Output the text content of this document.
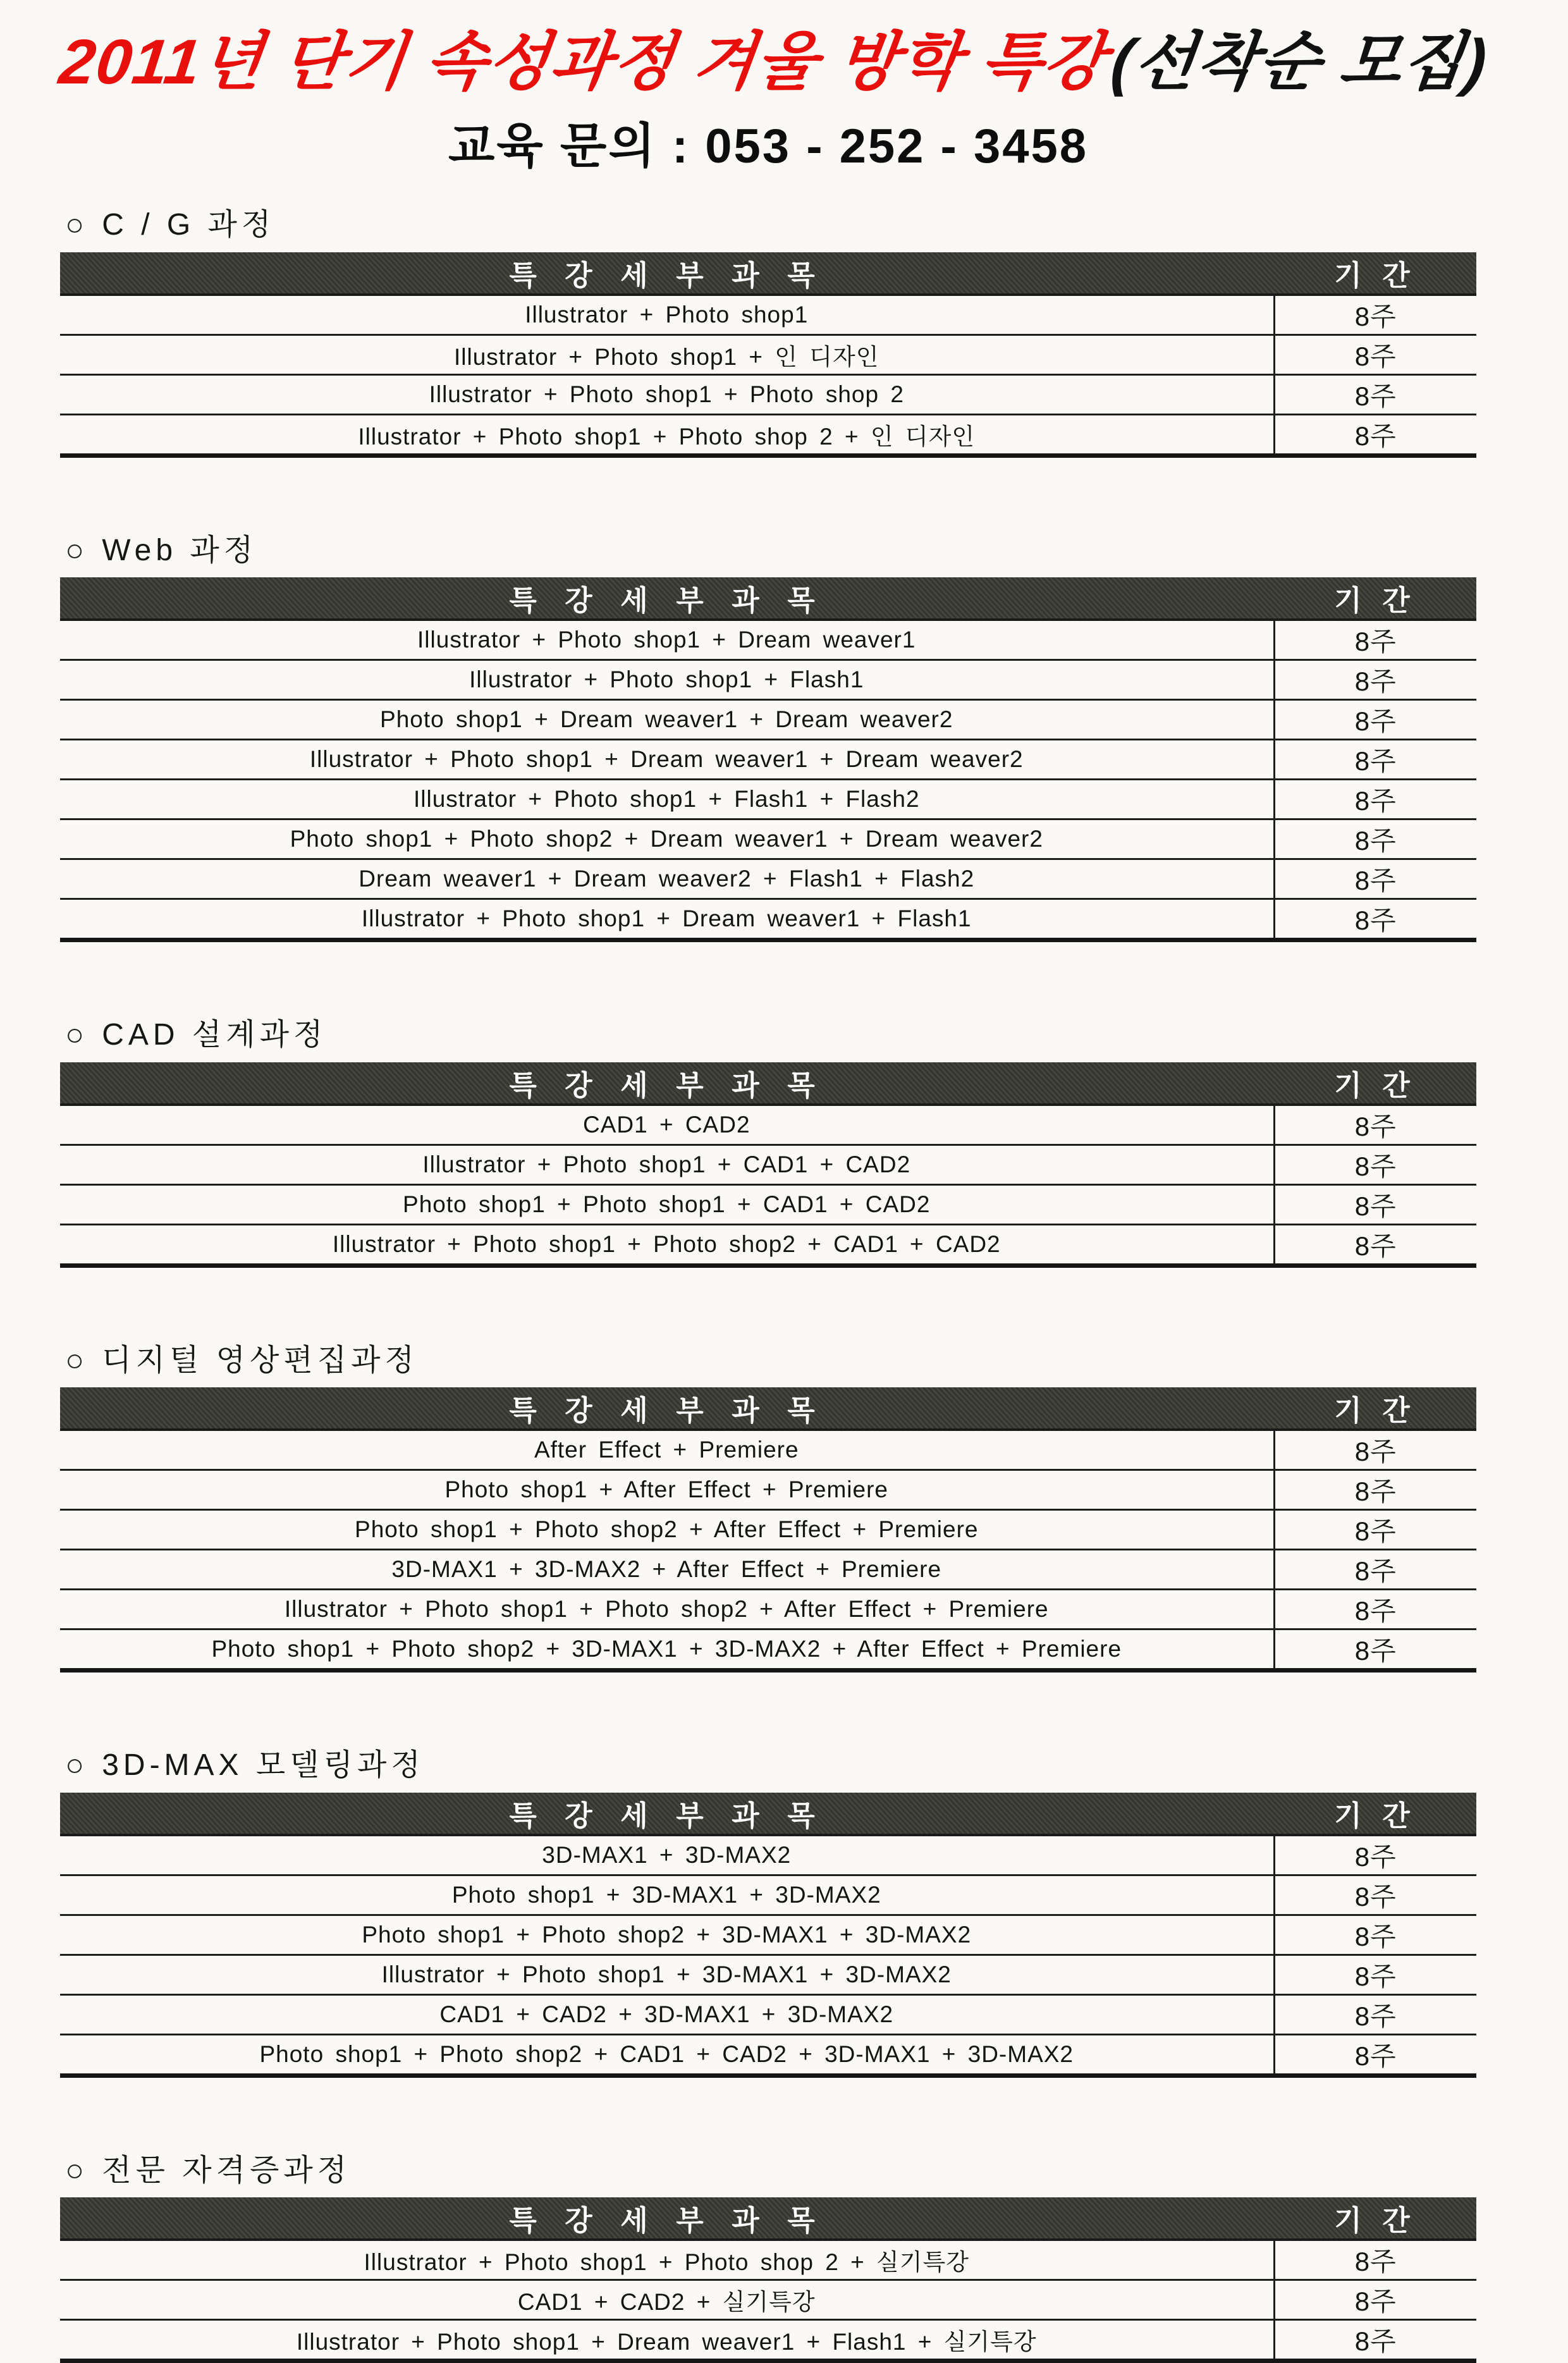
2011년 단기 속성과정 겨울 방학 특강(선착순 모집)
교육 문의 : 053 - 252 - 3458
○ C / G 과정
특 강 세 부 과 목	기 간
Illustrator + Photo shop1	8주
Illustrator + Photo shop1 + 인 디자인	8주
Illustrator + Photo shop1 + Photo shop 2	8주
Illustrator + Photo shop1 + Photo shop 2 + 인 디자인	8주
○ Web 과정
특 강 세 부 과 목	기 간
Illustrator + Photo shop1 + Dream weaver1	8주
Illustrator + Photo shop1 + Flash1	8주
Photo shop1 + Dream weaver1 + Dream weaver2	8주
Illustrator + Photo shop1 + Dream weaver1 + Dream weaver2	8주
Illustrator + Photo shop1 + Flash1 + Flash2	8주
Photo shop1 + Photo shop2 + Dream weaver1 + Dream weaver2	8주
Dream weaver1 + Dream weaver2 + Flash1 + Flash2	8주
Illustrator + Photo shop1 + Dream weaver1 + Flash1	8주
○ CAD 설계과정
특 강 세 부 과 목	기 간
CAD1 + CAD2	8주
Illustrator + Photo shop1 + CAD1 + CAD2	8주
Photo shop1 + Photo shop1 + CAD1 + CAD2	8주
Illustrator + Photo shop1 + Photo shop2 + CAD1 + CAD2	8주
○ 디지털 영상편집과정
특 강 세 부 과 목	기 간
After Effect + Premiere	8주
Photo shop1 + After Effect + Premiere	8주
Photo shop1 + Photo shop2 + After Effect + Premiere	8주
3D-MAX1 + 3D-MAX2 + After Effect + Premiere	8주
Illustrator + Photo shop1 + Photo shop2 + After Effect + Premiere	8주
Photo shop1 + Photo shop2 + 3D-MAX1 + 3D-MAX2 + After Effect + Premiere	8주
○ 3D-MAX 모델링과정
특 강 세 부 과 목	기 간
3D-MAX1 + 3D-MAX2	8주
Photo shop1 + 3D-MAX1 + 3D-MAX2	8주
Photo shop1 + Photo shop2 + 3D-MAX1 + 3D-MAX2	8주
Illustrator + Photo shop1 + 3D-MAX1 + 3D-MAX2	8주
CAD1 + CAD2 + 3D-MAX1 + 3D-MAX2	8주
Photo shop1 + Photo shop2 + CAD1 + CAD2 + 3D-MAX1 + 3D-MAX2	8주
○ 전문 자격증과정
특 강 세 부 과 목	기 간
Illustrator + Photo shop1 + Photo shop 2 + 실기특강	8주
CAD1 + CAD2 + 실기특강	8주
Illustrator + Photo shop1 + Dream weaver1 + Flash1 + 실기특강	8주
